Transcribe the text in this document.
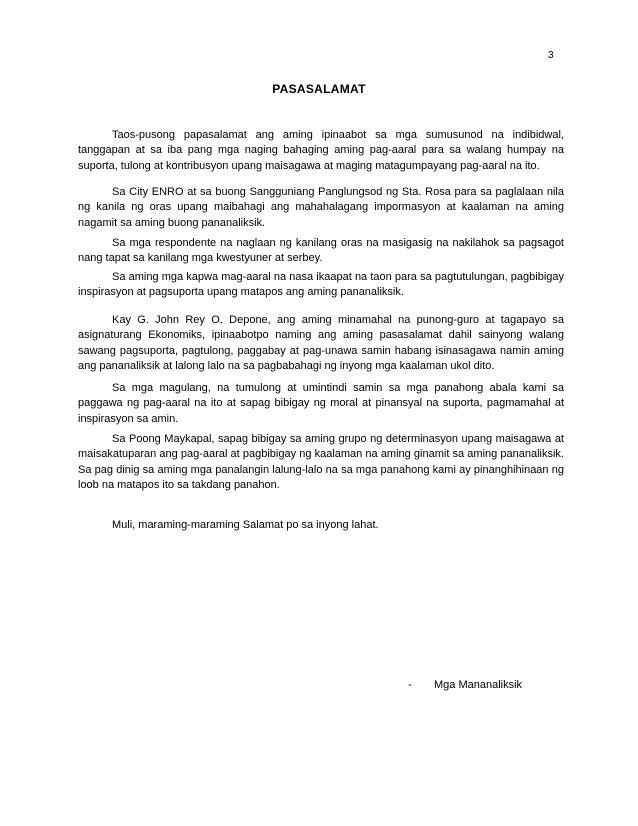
3
PASASALAMAT

Taos-pusong papasalamat ang aming ipinaabot sa mga sumusunod na indibidwal, tanggapan at sa iba pang mga naging bahaging aming pag-aaral para sa walang humpay na suporta, tulong at kontribusyon upang maisagawa at maging matagumpayang pag-aaral na ito.

Sa City ENRO at sa buong Sangguniang Panglungsod ng Sta. Rosa para sa paglalaan nila ng kanila ng oras upang maibahagi ang mahahalagang impormasyon at kaalaman na aming nagamit sa aming buong pananaliksik.

Sa mga respondente na naglaan ng kanilang oras na masigasig na nakilahok sa pagsagot nang tapat sa kanilang mga kwestyuner at serbey.

Sa aming mga kapwa mag-aaral na nasa ikaapat na taon para sa pagtutulungan, pagbibigay inspirasyon at pagsuporta upang matapos ang aming pananaliksik.

Kay G. John Rey O. Depone, ang aming minamahal na punong-guro at tagapayo sa asignaturang Ekonomiks, ipinaabotpo naming ang aming pasasalamat dahil sainyong walang sawang pagsuporta, pagtulong, paggabay at pag-unawa samin habang isinasagawa namin aming ang pananaliksik at lalong lalo na sa pagbabahagi ng inyong mga kaalaman ukol dito.

Sa mga magulang, na tumulong at umintindi samin sa mga panahong abala kami sa paggawa ng pag-aaral na ito at sapag bibigay ng moral at pinansyal na suporta, pagmamahal at inspirasyon sa amin.

Sa Poong Maykapal, sapag bibigay sa aming grupo ng determinasyon upang maisagawa at maisakatuparan ang pag-aaral at pagbibigay ng kaalaman na aming ginamit sa aming pananaliksik. Sa pag dinig sa aming mga panalangin lalung-lalo na sa mga panahong kami ay pinanghihinaan ng loob na matapos ito sa takdang panahon.

Muli, maraming-maraming Salamat po sa inyong lahat.
- Mga Mananaliksik
